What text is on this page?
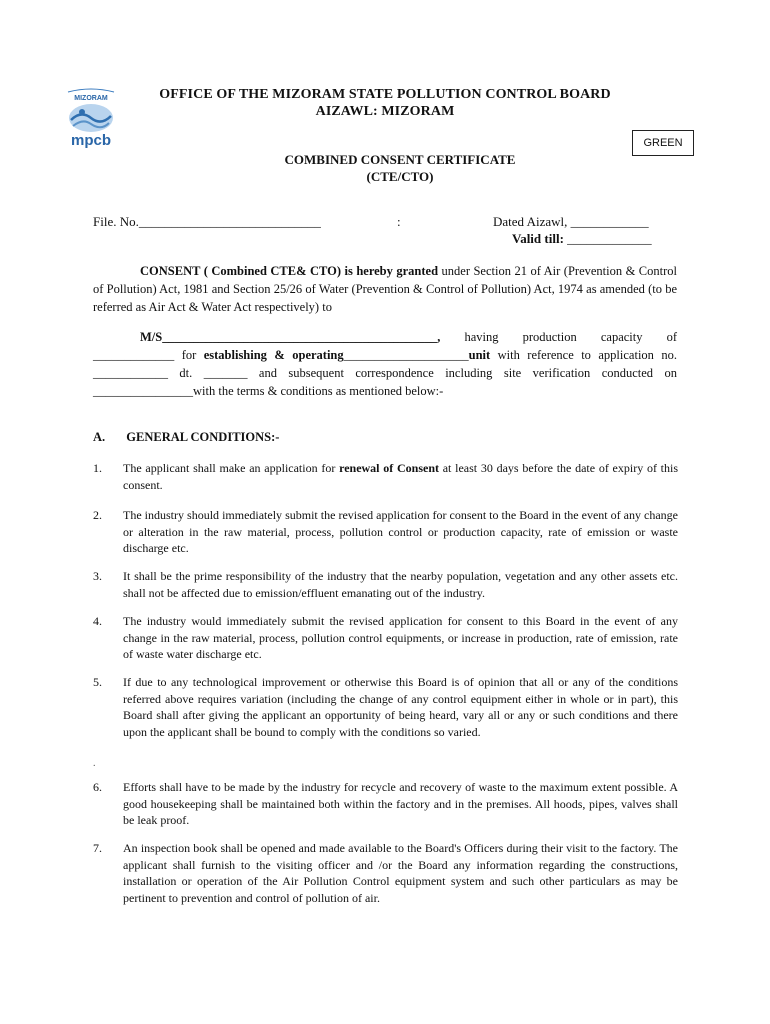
MIZORAM
mpcb
OFFICE OF THE MIZORAM STATE POLLUTION CONTROL BOARD
AIZAWL: MIZORAM
GREEN
COMBINED CONSENT CERTIFICATE
(CTE/CTO)
File. No.____________________________	:	Dated Aizawl, ____________
Valid till: _____________
CONSENT ( Combined CTE& CTO) is hereby granted under Section 21 of Air (Prevention & Control of Pollution) Act, 1981 and Section 25/26 of Water (Prevention & Control of Pollution) Act, 1974 as amended (to be referred as Air Act & Water Act respectively) to
M/S____________________________________________, having production capacity of _____________ for establishing & operating____________________unit with reference to application no. ____________ dt. _______ and subsequent correspondence including site verification conducted on ________________with the terms & conditions as mentioned below:-
A. GENERAL CONDITIONS:-
1.	The applicant shall make an application for renewal of Consent at least 30 days before the date of expiry of this consent.
2.	The industry should immediately submit the revised application for consent to the Board in the event of any change or alteration in the raw material, process, pollution control or production capacity, rate of emission or waste discharge etc.
3.	It shall be the prime responsibility of the industry that the nearby population, vegetation and any other assets etc. shall not be affected due to emission/effluent emanating out of the industry.
4.	The industry would immediately submit the revised application for consent to this Board in the event of any change in the raw material, process, pollution control equipments, or increase in production, rate of emission, rate of waste water discharge etc.
5.	If due to any technological improvement or otherwise this Board is of opinion that all or any of the conditions referred above requires variation (including the change of any control equipment either in whole or in part), this Board shall after giving the applicant an opportunity of being heard, vary all or any or such conditions and there upon the applicant shall be bound to comply with the conditions so varied.
.
6.	Efforts shall have to be made by the industry for recycle and recovery of waste to the maximum extent possible. A good housekeeping shall be maintained both within the factory and in the premises. All hoods, pipes, valves shall be leak proof.
7.	An inspection book shall be opened and made available to the Board's Officers during their visit to the factory. The applicant shall furnish to the visiting officer and /or the Board any information regarding the constructions, installation or operation of the Air Pollution Control equipment system and such other particulars as may be pertinent to prevention and control of pollution of air.
